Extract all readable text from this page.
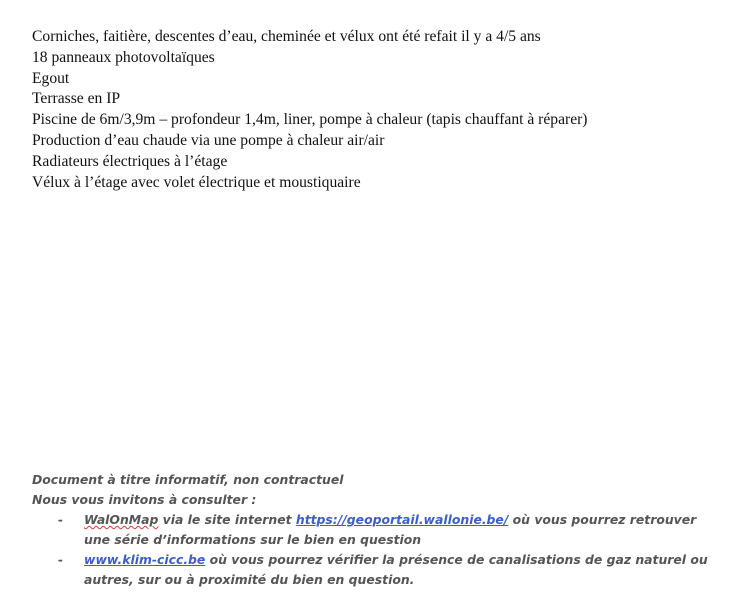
Corniches, faitière, descentes d’eau, cheminée et vélux ont été refait il y a 4/5 ans
18 panneaux photovoltaïques
Egout
Terrasse en IP
Piscine de 6m/3,9m – profondeur 1,4m, liner, pompe à chaleur (tapis chauffant à réparer)
Production d’eau chaude via une pompe à chaleur air/air
Radiateurs électriques à l’étage
Vélux à l’étage avec volet électrique et moustiquaire
Document à titre informatif, non contractuel
Nous vous invitons à consulter :
- WalOnMap via le site internet https://geoportail.wallonie.be/ où vous pourrez retrouver
une série d’informations sur le bien en question
- www.klim-cicc.be où vous pourrez vérifier la présence de canalisations de gaz naturel ou
autres, sur ou à proximité du bien en question.
